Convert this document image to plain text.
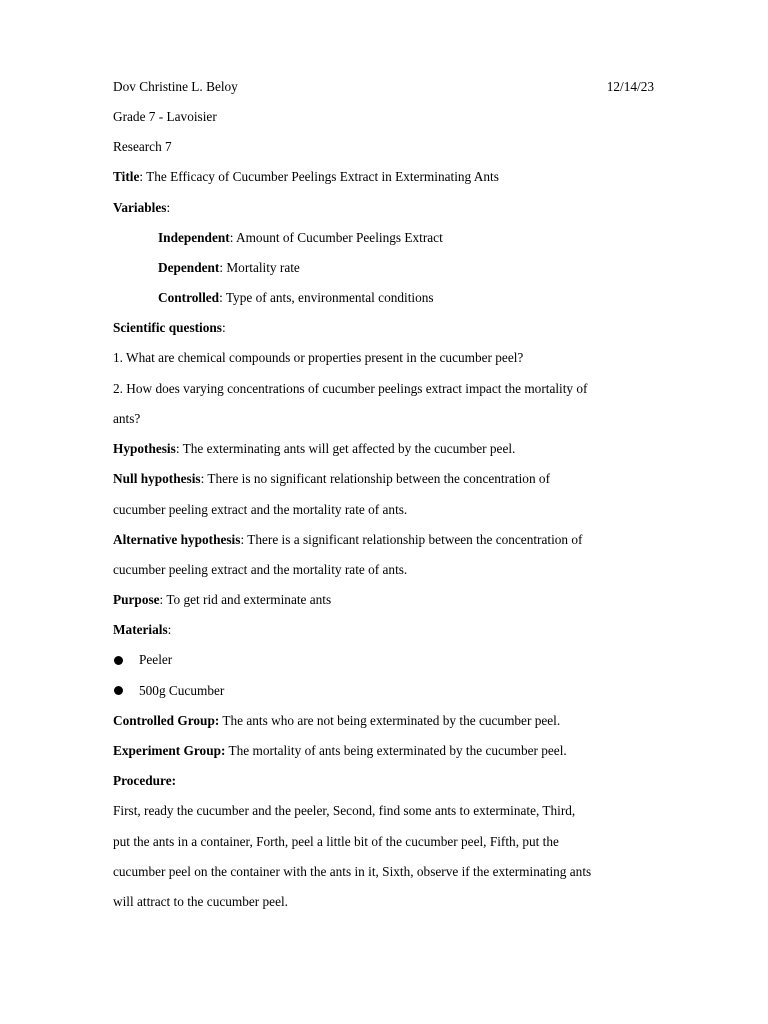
Dov Christine L. Beloy	12/14/23
Grade 7 - Lavoisier
Research 7
Title: The Efficacy of Cucumber Peelings Extract in Exterminating Ants
Variables:
Independent: Amount of Cucumber Peelings Extract
Dependent: Mortality rate
Controlled: Type of ants, environmental conditions
Scientific questions:
1. What are chemical compounds or properties present in the cucumber peel?
2. How does varying concentrations of cucumber peelings extract impact the mortality of
ants?
Hypothesis: The exterminating ants will get affected by the cucumber peel.
Null hypothesis: There is no significant relationship between the concentration of
cucumber peeling extract and the mortality rate of ants.
Alternative hypothesis: There is a significant relationship between the concentration of
cucumber peeling extract and the mortality rate of ants.
Purpose: To get rid and exterminate ants
Materials:
Peeler
500g Cucumber
Controlled Group: The ants who are not being exterminated by the cucumber peel.
Experiment Group: The mortality of ants being exterminated by the cucumber peel.
Procedure:
First, ready the cucumber and the peeler, Second, find some ants to exterminate, Third,
put the ants in a container, Forth, peel a little bit of the cucumber peel, Fifth, put the
cucumber peel on the container with the ants in it, Sixth, observe if the exterminating ants
will attract to the cucumber peel.
